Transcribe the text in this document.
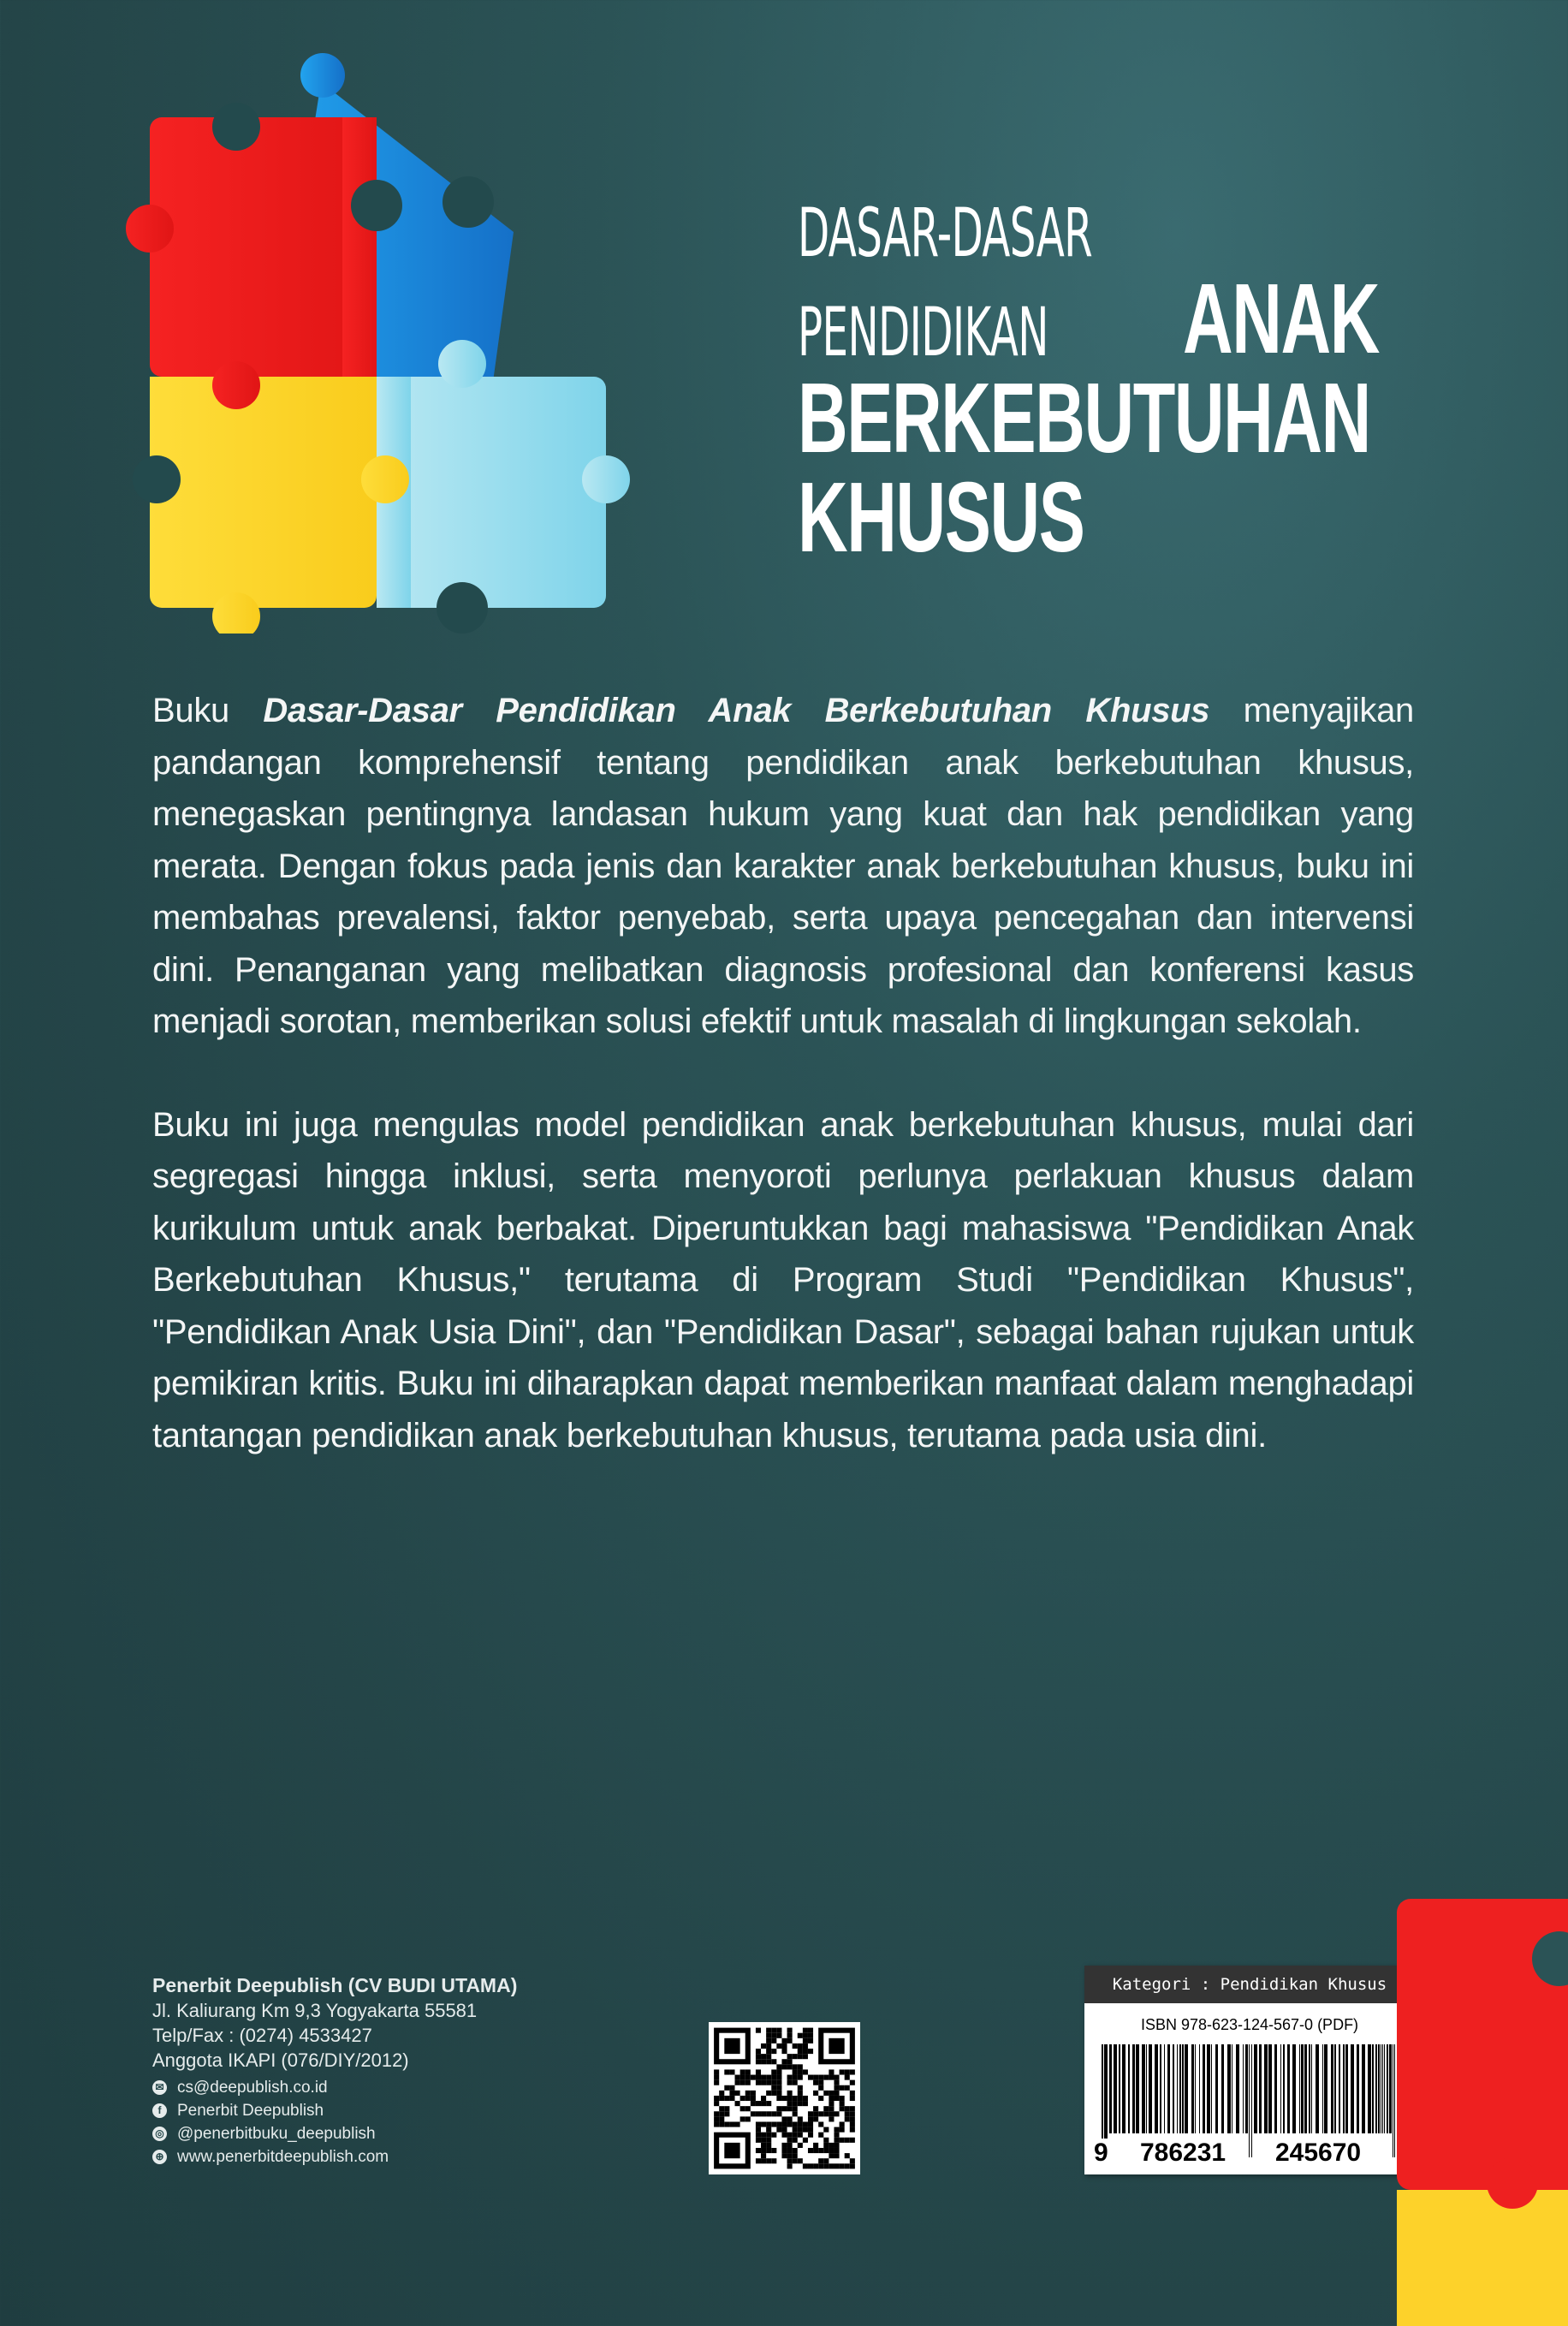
DASAR-DASAR
PENDIDIKAN ANAK
BERKEBUTUHAN
KHUSUS

Buku Dasar-Dasar Pendidikan Anak Berkebutuhan Khusus menyajikan pandangan komprehensif tentang pendidikan anak berkebutuhan khusus, menegaskan pentingnya landasan hukum yang kuat dan hak pendidikan yang merata. Dengan fokus pada jenis dan karakter anak berkebutuhan khusus, buku ini membahas prevalensi, faktor penyebab, serta upaya pencegahan dan intervensi dini. Penanganan yang melibatkan diagnosis profesional dan konferensi kasus menjadi sorotan, memberikan solusi efektif untuk masalah di lingkungan sekolah.

Buku ini juga mengulas model pendidikan anak berkebutuhan khusus, mulai dari segregasi hingga inklusi, serta menyoroti perlunya perlakuan khusus dalam kurikulum untuk anak berbakat. Diperuntukkan bagi mahasiswa "Pendidikan Anak Berkebutuhan Khusus," terutama di Program Studi "Pendidikan Khusus", "Pendidikan Anak Usia Dini", dan "Pendidikan Dasar", sebagai bahan rujukan untuk pemikiran kritis. Buku ini diharapkan dapat memberikan manfaat dalam menghadapi tantangan pendidikan anak berkebutuhan khusus, terutama pada usia dini.

Penerbit Deepublish (CV BUDI UTAMA)
Jl. Kaliurang Km 9,3 Yogyakarta 55581
Telp/Fax : (0274) 4533427
Anggota IKAPI (076/DIY/2012)
✉ cs@deepublish.co.id
f Penerbit Deepublish
◎ @penerbitbuku_deepublish
⊕ www.penerbitdeepublish.com
Kategori : Pendidikan Khusus
ISBN 978-623-124-567-0 (PDF)
9 786231 245670
